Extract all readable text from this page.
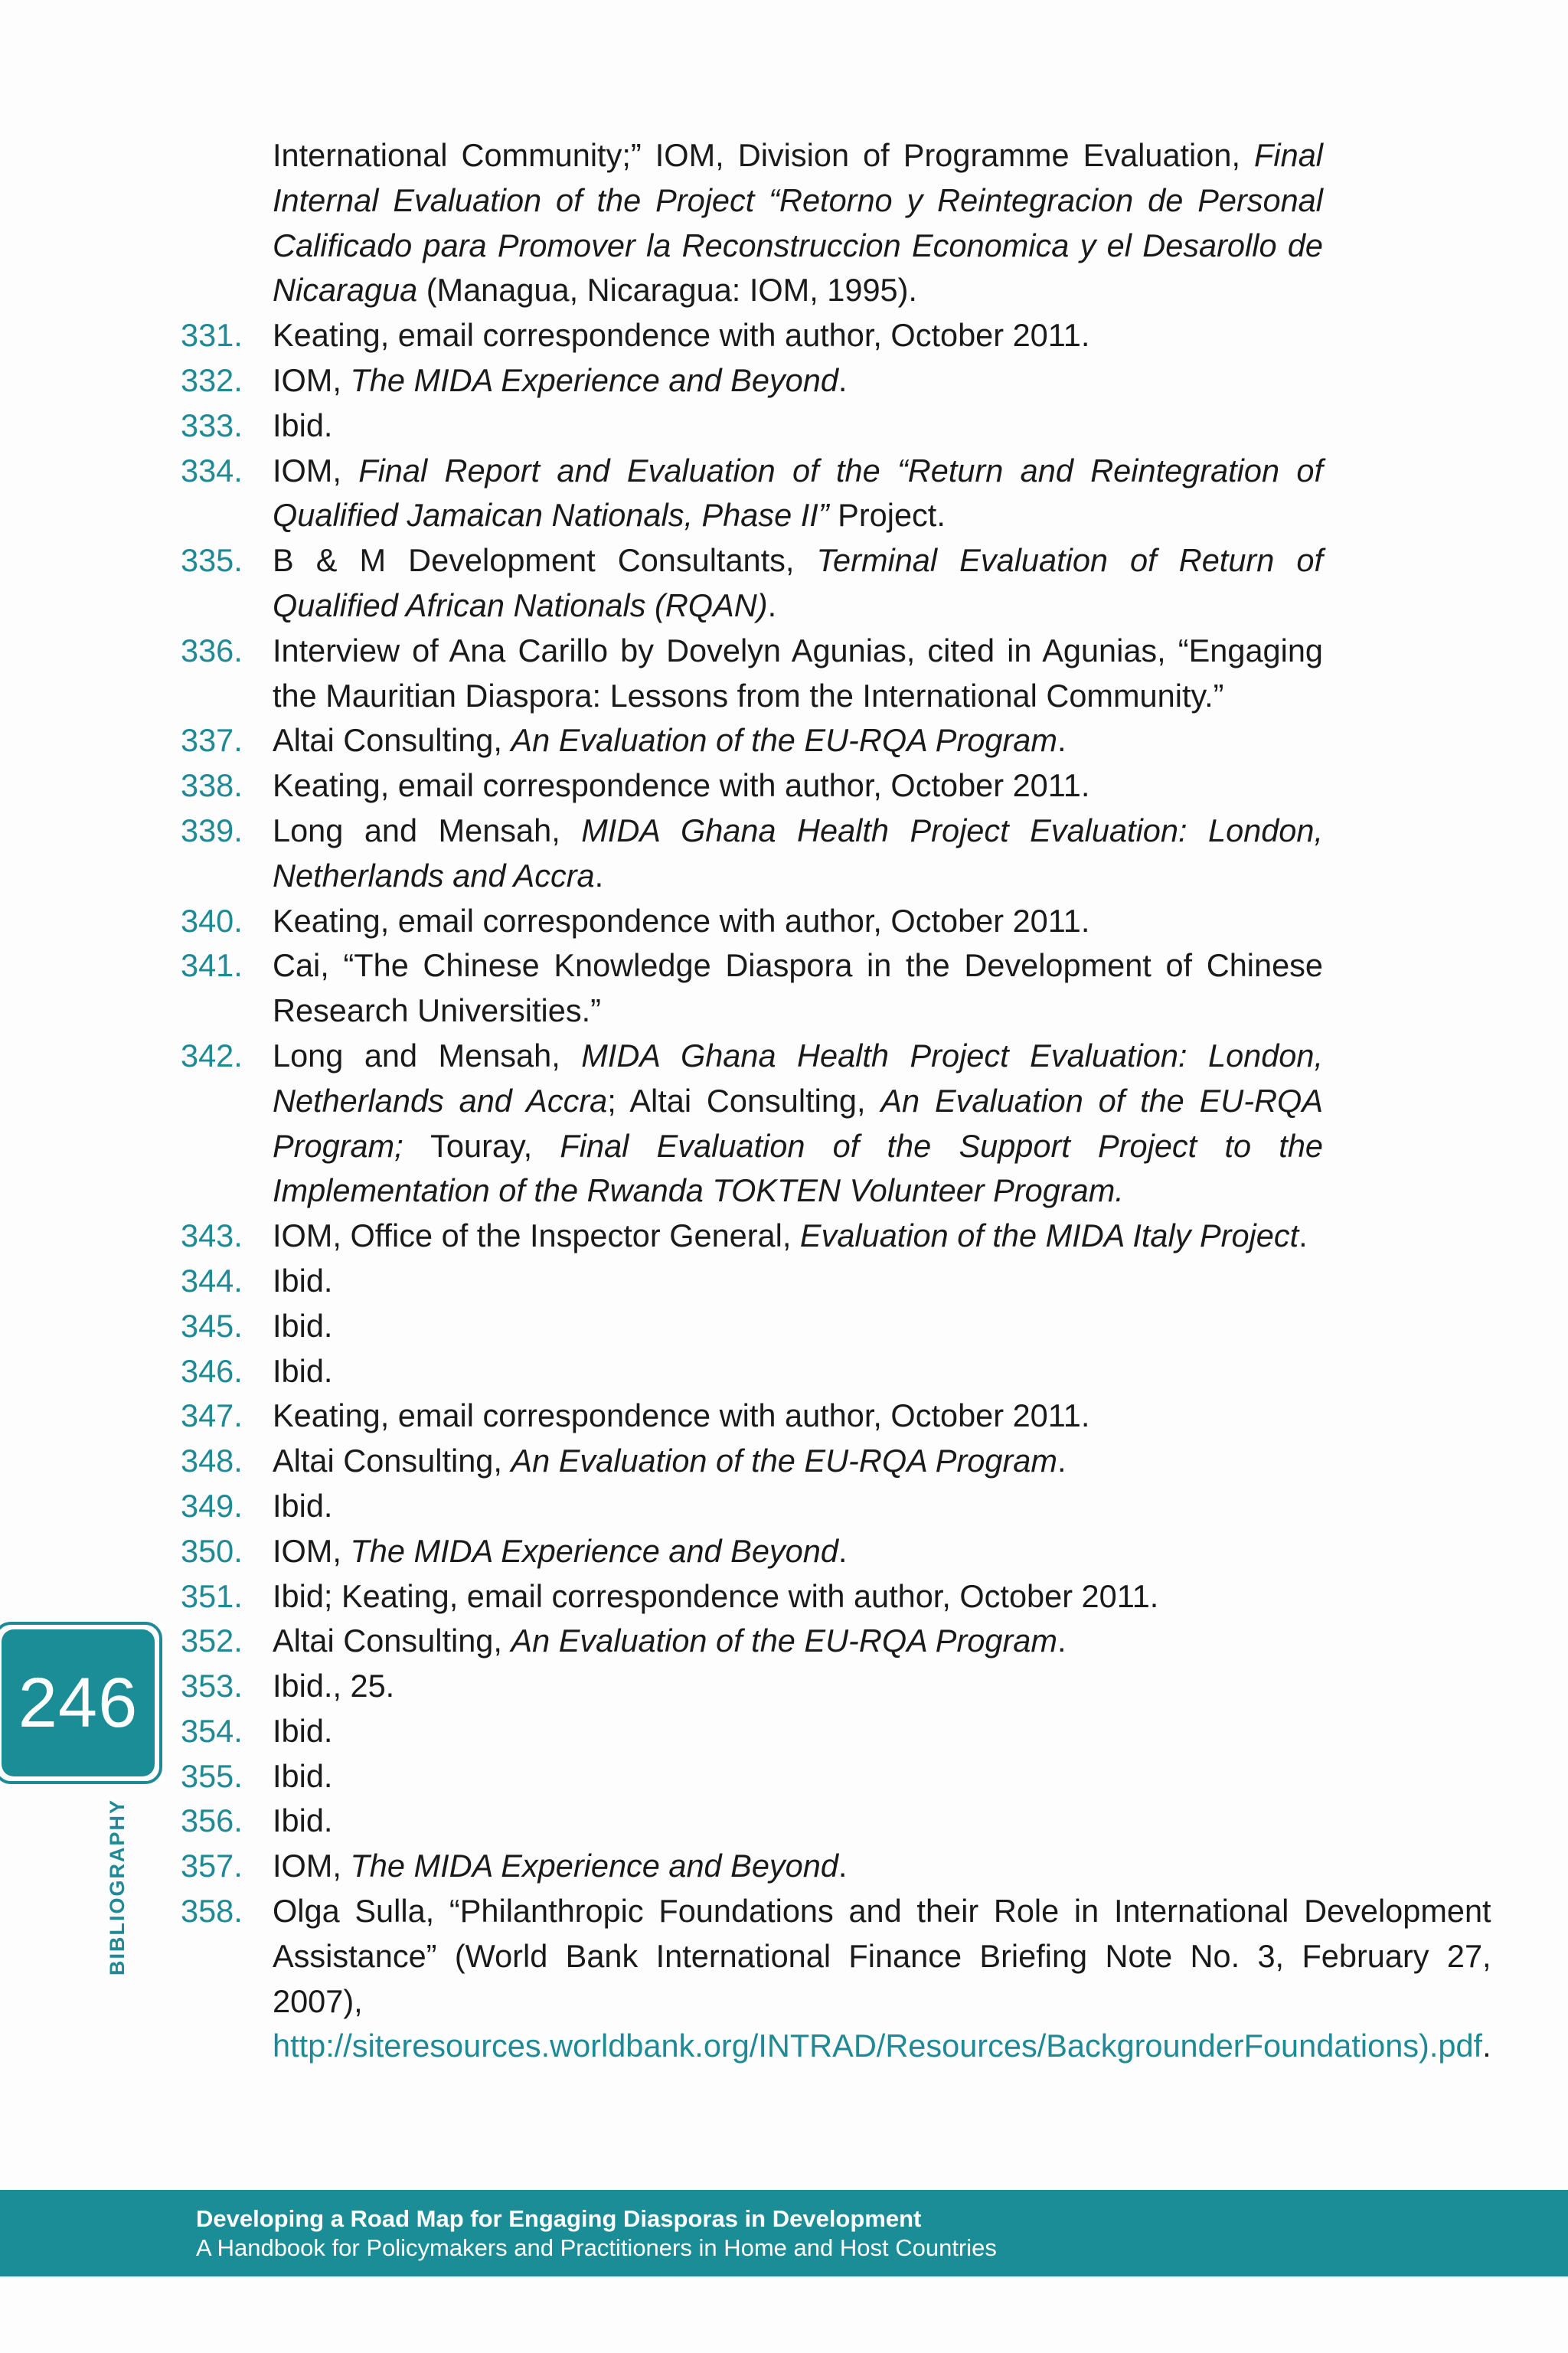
International Community;” IOM, Division of Programme Evaluation, Final Internal Evaluation of the Project “Retorno y Reintegracion de Personal Calificado para Promover la Reconstruccion Economica y el Desarollo de Nicaragua (Managua, Nicaragua: IOM, 1995).
331. Keating, email correspondence with author, October 2011.
332. IOM, The MIDA Experience and Beyond.
333. Ibid.
334. IOM, Final Report and Evaluation of the “Return and Reintegration of Qualified Jamaican Nationals, Phase II” Project.
335. B & M Development Consultants, Terminal Evaluation of Return of Qualified African Nationals (RQAN).
336. Interview of Ana Carillo by Dovelyn Agunias, cited in Agunias, “Engaging the Mauritian Diaspora: Lessons from the International Community.”
337. Altai Consulting, An Evaluation of the EU-RQA Program.
338. Keating, email correspondence with author, October 2011.
339. Long and Mensah, MIDA Ghana Health Project Evaluation: London, Netherlands and Accra.
340. Keating, email correspondence with author, October 2011.
341. Cai, “The Chinese Knowledge Diaspora in the Development of Chinese Research Universities.”
342. Long and Mensah, MIDA Ghana Health Project Evaluation: London, Netherlands and Accra; Altai Consulting, An Evaluation of the EU-RQA Program; Touray, Final Evaluation of the Support Project to the Implementation of the Rwanda TOKTEN Volunteer Program.
343. IOM, Office of the Inspector General, Evaluation of the MIDA Italy Project.
344. Ibid.
345. Ibid.
346. Ibid.
347. Keating, email correspondence with author, October 2011.
348. Altai Consulting, An Evaluation of the EU-RQA Program.
349. Ibid.
350. IOM, The MIDA Experience and Beyond.
351. Ibid; Keating, email correspondence with author, October 2011.
352. Altai Consulting, An Evaluation of the EU-RQA Program.
353. Ibid., 25.
354. Ibid.
355. Ibid.
356. Ibid.
357. IOM, The MIDA Experience and Beyond.
358. Olga Sulla, “Philanthropic Foundations and their Role in International Development Assistance” (World Bank International Finance Briefing Note No. 3, February 27, 2007), http://siteresources.worldbank.org/INTRAD/Resources/BackgrounderFoundations).pdf.
246
BIBLIOGRAPHY
Developing a Road Map for Engaging Diasporas in Development
A Handbook for Policymakers and Practitioners in Home and Host Countries
